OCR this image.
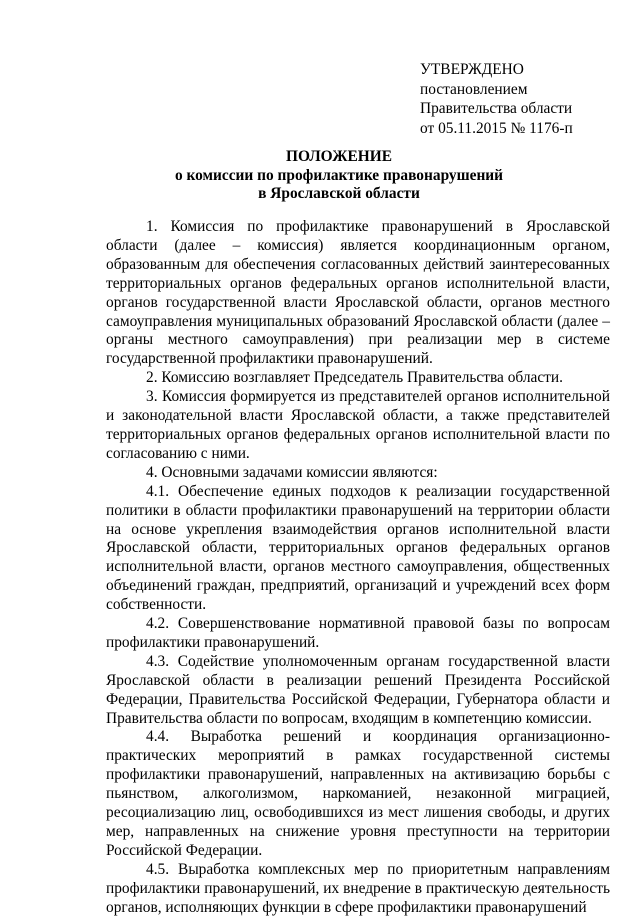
УТВЕРЖДЕНО
постановлением
Правительства области
от 05.11.2015 № 1176-п
ПОЛОЖЕНИЕ
о комиссии по профилактике правонарушений
в Ярославской области

1. Комиссия по профилактике правонарушений в Ярославской области (далее – комиссия) является координационным органом, образованным для обеспечения согласованных действий заинтересованных территориальных органов федеральных органов исполнительной власти, органов государственной власти Ярославской области, органов местного самоуправления муниципальных образований Ярославской области (далее – органы местного самоуправления) при реализации мер в системе государственной профилактики правонарушений.

2. Комиссию возглавляет Председатель Правительства области.

3. Комиссия формируется из представителей органов исполнительной и законодательной власти Ярославской области, а также представителей территориальных органов федеральных органов исполнительной власти по согласованию с ними.

4. Основными задачами комиссии являются:

4.1. Обеспечение единых подходов к реализации государственной политики в области профилактики правонарушений на территории области на основе укрепления взаимодействия органов исполнительной власти Ярославской области, территориальных органов федеральных органов исполнительной власти, органов местного самоуправления, общественных объединений граждан, предприятий, организаций и учреждений всех форм собственности.

4.2. Совершенствование нормативной правовой базы по вопросам профилактики правонарушений.

4.3. Содействие уполномоченным органам государственной власти Ярославской области в реализации решений Президента Российской Федерации, Правительства Российской Федерации, Губернатора области и Правительства области по вопросам, входящим в компетенцию комиссии.

4.4. Выработка решений и координация организационно-практических мероприятий в рамках государственной системы профилактики правонарушений, направленных на активизацию борьбы с пьянством, алкоголизмом, наркоманией, незаконной миграцией, ресоциализацию лиц, освободившихся из мест лишения свободы, и других мер, направленных на снижение уровня преступности на территории Российской Федерации.

4.5. Выработка комплексных мер по приоритетным направлениям профилактики правонарушений, их внедрение в практическую деятельность органов, исполняющих функции в сфере профилактики правонарушений
